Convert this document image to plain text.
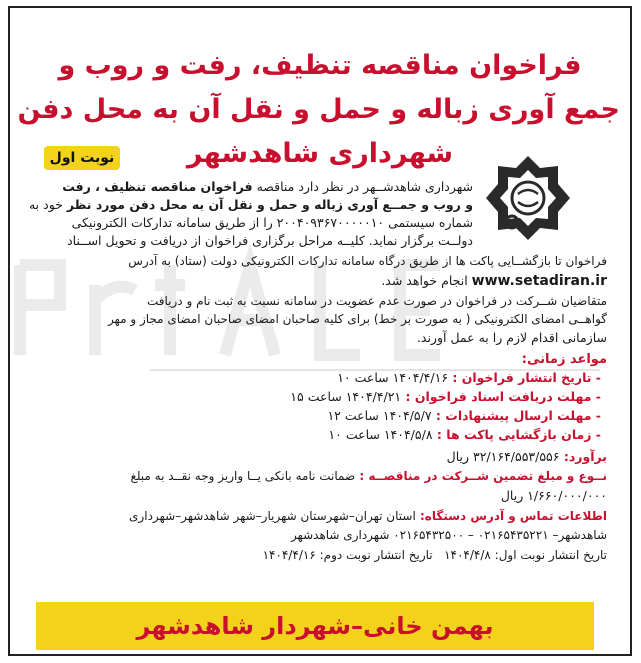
فراخوان مناقصه تنظیف، رفت و روب و
جمع آوری زباله و حمل و نقل آن به محل دفن
شهرداری شاهدشهر
نوبت اول
شهرداری شاهدشــهر در نظر دارد مناقصه فراخوان مناقصه تنظیف ، رفت
و روب و جمــع آوری زباله و حمل و نقل آن به محل دفن مورد نظر خود به
شماره سیستمی ۲۰۰۴۰۹۳۶۷۰۰۰۰۰۱۰ را از طریق سامانه تدارکات الکترونیکی
دولــت برگزار نماید. کلیــه مراحل برگزاری فراخوان از دریافت و تحویل اســناد
فراخوان تا بازگشــایی پاکت ها از طریق درگاه سامانه تدارکات الکترونیکی دولت (ستاد) به آدرس
www.setadiran.ir انجام خواهد شد.
متقاضیان شــرکت در فراخوان در صورت عدم عضویت در سامانه نسبت به ثبت نام و دریافت
گواهــی امضای الکترونیکی ( به صورت بر خط) برای کلیه صاحبان امضای صاحبان امضای مجاز و مهر
سازمانی اقدام لازم را به عمل آورند.
مواعد زمانی:
- تاریخ انتشار فراخوان : ۱۴۰۴/۴/۱۶ ساعت ۱۰
- مهلت دریافت اسناد فراخوان : ۱۴۰۴/۴/۲۱ ساعت ۱۵
- مهلت ارسال پیشنهادات : ۱۴۰۴/۵/۷ ساعت ۱۲
- زمان بازگشایی پاکت ها : ۱۴۰۴/۵/۸ ساعت ۱۰
برآورد: ۳۲/۱۶۴/۵۵۳/۵۵۶ ریال
نــوع و مبلغ تضمین شــرکت در مناقصــه : ضمانت نامه بانکی یــا واریز وجه نقــد به مبلغ
۱/۶۶۰/۰۰۰/۰۰۰ ریال
اطلاعات تماس و آدرس دستگاه: استان تهران–شهرستان شهریار–شهر شاهدشهر–شهرداری
شاهدشهر– ۰۲۱۶۵۴۳۵۲۲۱ – ۰۲۱۶۵۴۳۲۵۰۰ شهرداری شاهدشهر
تاریخ انتشار نوبت اول: ۱۴۰۴/۴/۸   تاریخ انتشار نوبت دوم: ۱۴۰۴/۴/۱۶
بهمن خانی–شهردار شاهدشهر
